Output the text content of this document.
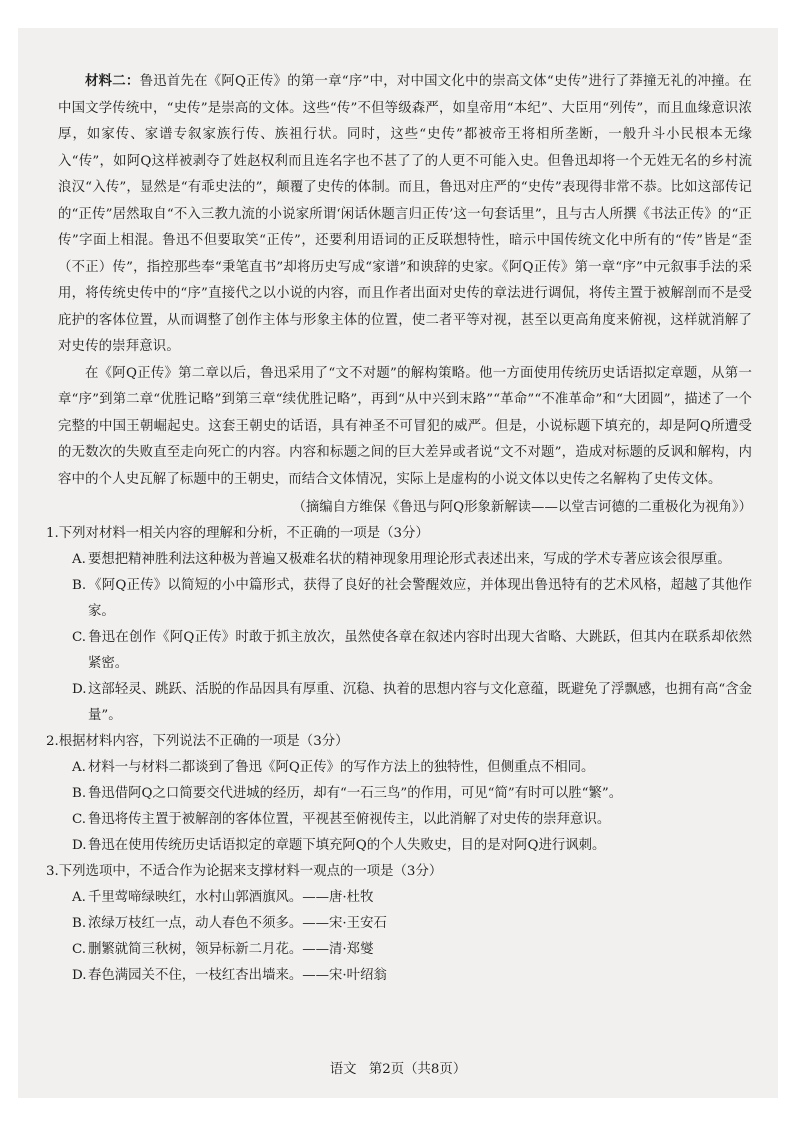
材料二：鲁迅首先在《阿Q正传》的第一章“序”中，对中国文化中的崇高文体“史传”进行了莽撞无礼的冲撞。在中国文学传统中，“史传”是崇高的文体。这些“传”不但等级森严，如皇帝用“本纪”、大臣用“列传”，而且血缘意识浓厚，如家传、家谱专叙家族行传、族祖行状。同时，这些“史传”都被帝王将相所垄断，一般升斗小民根本无缘入“传”，如阿Q这样被剥夺了姓赵权利而且连名字也不甚了了的人更不可能入史。但鲁迅却将一个无姓无名的乡村流浪汉“入传”，显然是“有乖史法的”，颠覆了史传的体制。而且，鲁迅对庄严的“史传”表现得非常不恭。比如这部传记的“正传”居然取自“不入三教九流的小说家所谓‘闲话休题言归正传’这一句套话里”，且与古人所撰《书法正传》的“正传”字面上相混。鲁迅不但要取笑“正传”，还要利用语词的正反联想特性，暗示中国传统文化中所有的“传”皆是“歪（不正）传”，指控那些奉“秉笔直书”却将历史写成“家谱”和谀辞的史家。《阿Q正传》第一章“序”中元叙事手法的采用，将传统史传中的“序”直接代之以小说的内容，而且作者出面对史传的章法进行调侃，将传主置于被解剖而不是受庇护的客体位置，从而调整了创作主体与形象主体的位置，使二者平等对视，甚至以更高角度来俯视，这样就消解了对史传的崇拜意识。

在《阿Q正传》第二章以后，鲁迅采用了“文不对题”的解构策略。他一方面使用传统历史话语拟定章题，从第一章“序”到第二章“优胜记略”到第三章“续优胜记略”，再到“从中兴到末路”“革命”“不准革命”和“大团圆”，描述了一个完整的中国王朝崛起史。这套王朝史的话语，具有神圣不可冒犯的威严。但是，小说标题下填充的，却是阿Q所遭受的无数次的失败直至走向死亡的内容。内容和标题之间的巨大差异或者说“文不对题”，造成对标题的反讽和解构，内容中的个人史瓦解了标题中的王朝史，而结合文体情况，实际上是虚构的小说文体以史传之名解构了史传文体。

（摘编自方维保《鲁迅与阿Q形象新解读——以堂吉诃德的二重极化为视角》）

1.下列对材料一相关内容的理解和分析，不正确的一项是（3分）

A. 要想把精神胜利法这种极为普遍又极难名状的精神现象用理论形式表述出来，写成的学术专著应该会很厚重。

B. 《阿Q正传》以简短的小中篇形式，获得了良好的社会警醒效应，并体现出鲁迅特有的艺术风格，超越了其他作家。

C. 鲁迅在创作《阿Q正传》时敢于抓主放次，虽然使各章在叙述内容时出现大省略、大跳跃，但其内在联系却依然紧密。

D.这部轻灵、跳跃、活脱的作品因具有厚重、沉稳、执着的思想内容与文化意蕴，既避免了浮飘感，也拥有高“含金量”。

2.根据材料内容，下列说法不正确的一项是（3分）

A. 材料一与材料二都谈到了鲁迅《阿Q正传》的写作方法上的独特性，但侧重点不相同。

B. 鲁迅借阿Q之口简要交代进城的经历，却有“一石三鸟”的作用，可见“简”有时可以胜“繁”。

C. 鲁迅将传主置于被解剖的客体位置，平视甚至俯视传主，以此消解了对史传的崇拜意识。

D.鲁迅在使用传统历史话语拟定的章题下填充阿Q的个人失败史，目的是对阿Q进行讽刺。

3.下列选项中，不适合作为论据来支撑材料一观点的一项是（3分）

A. 千里莺啼绿映红，水村山郭酒旗风。——唐·杜牧

B. 浓绿万枝红一点，动人春色不须多。——宋·王安石

C. 删繁就简三秋树，领异标新二月花。——清·郑燮

D.春色满园关不住，一枝红杏出墙来。——宋·叶绍翁

语文 第2页（共8页）
